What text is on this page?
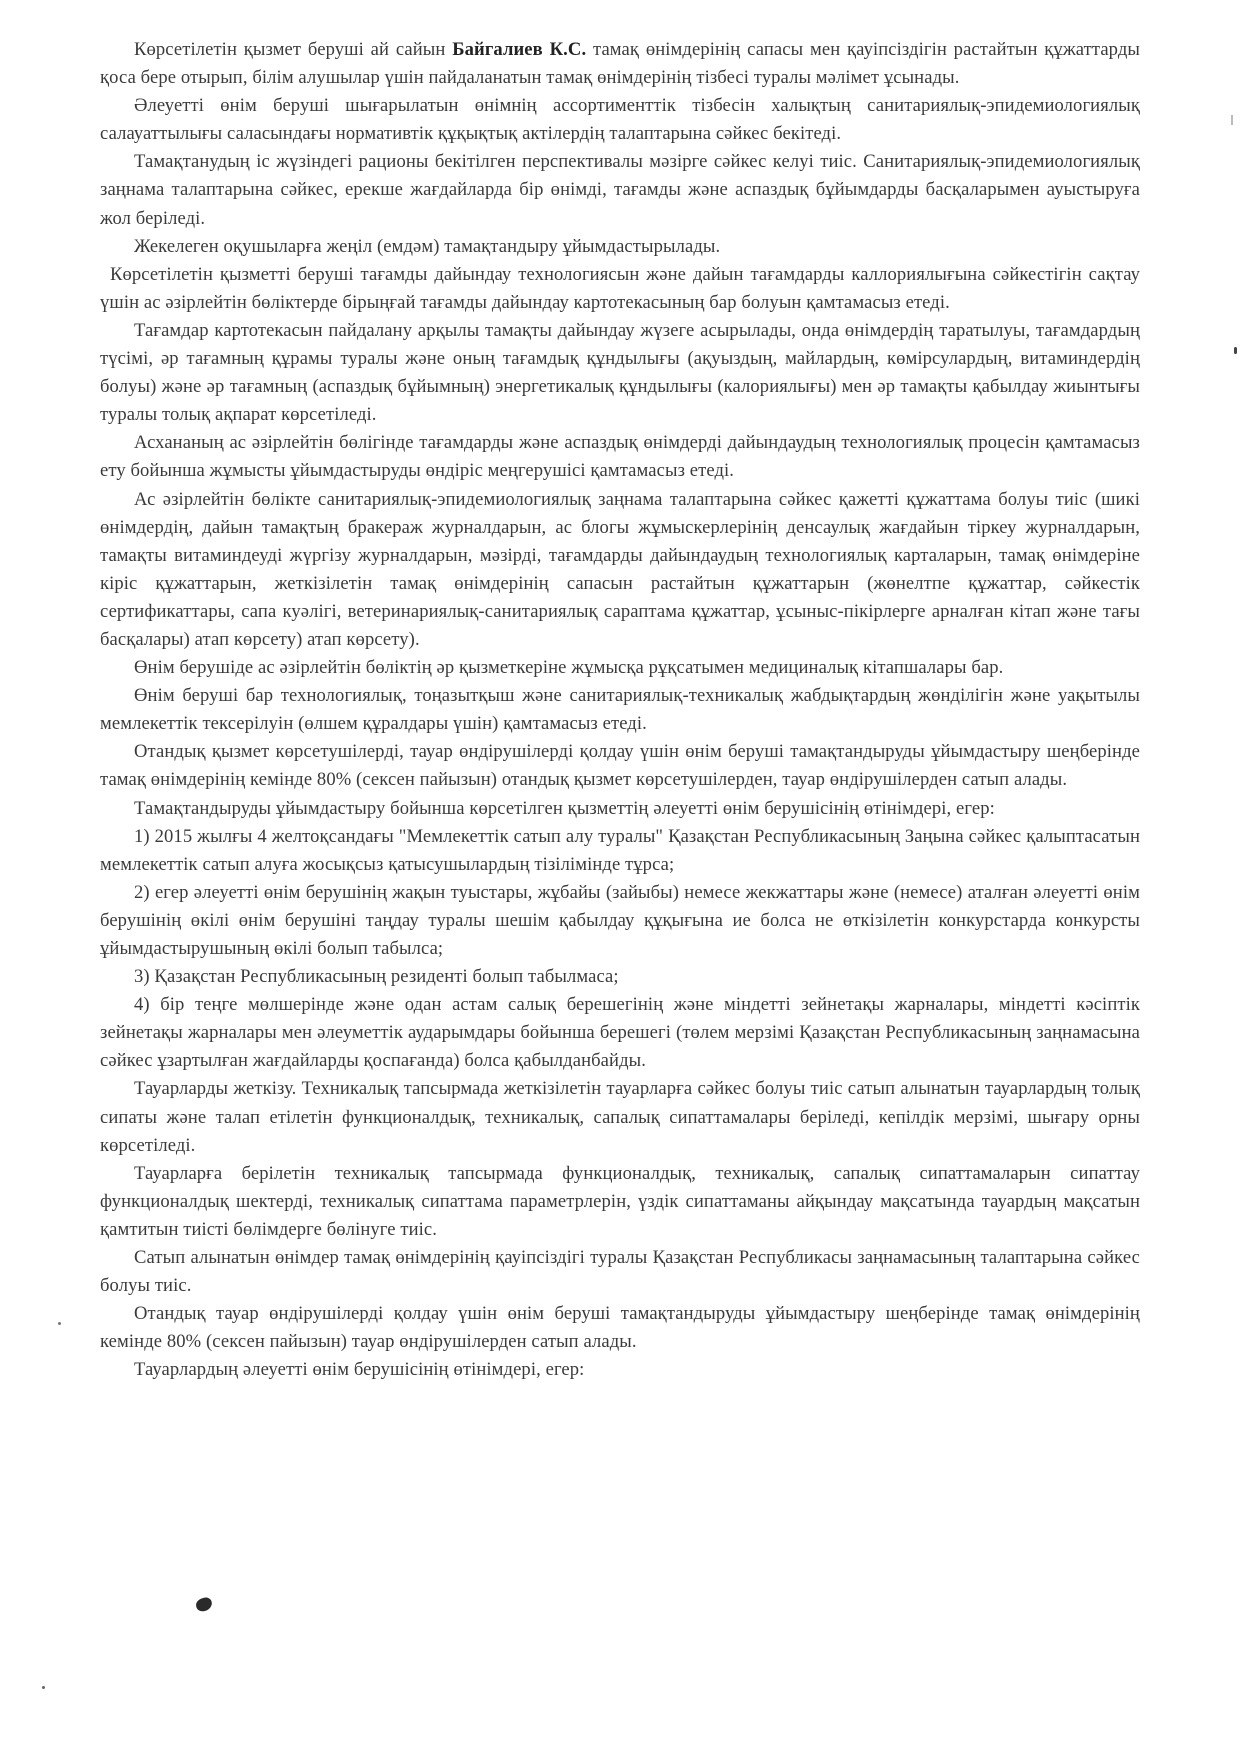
Көрсетілетін қызмет беруші ай сайын Байгалиев К.С. тамақ өнімдерінің сапасы мен қауіпсіздігін растайтын құжаттарды қоса бере отырып, білім алушылар үшін пайдаланатын тамақ өнімдерінің тізбесі туралы мәлімет ұсынады.

Әлеуетті өнім беруші шығарылатын өнімнің ассортименттік тізбесін халықтың санитариялық-эпидемиологиялық салауаттылығы саласындағы нормативтік құқықтық актілердің талаптарына сәйкес бекітеді.

Тамақтанудың іс жүзіндегі рационы бекітілген перспективалы мәзірге сәйкес келуі тиіс. Санитариялық-эпидемиологиялық заңнама талаптарына сәйкес, ерекше жағдайларда бір өнімді, тағамды және аспаздық бұйымдарды басқаларымен ауыстыруға жол беріледі.

Жекелеген оқушыларға жеңіл (емдәм) тамақтандыру ұйымдастырылады.

Көрсетілетін қызметті беруші тағамды дайындау технологиясын және дайын тағамдарды каллориялығына сәйкестігін сақтау үшін ас әзірлейтін бөліктерде бірыңғай тағамды дайындау картотекасының бар болуын қамтамасыз етеді.

Тағамдар картотекасын пайдалану арқылы тамақты дайындау жүзеге асырылады, онда өнімдердің таратылуы, тағамдардың түсімі, әр тағамның құрамы туралы және оның тағамдық құндылығы (ақуыздың, майлардың, көмірсулардың, витаминдердің болуы) және әр тағамның (аспаздық бұйымның) энергетикалық құндылығы (калориялығы) мен әр тамақты қабылдау жиынтығы туралы толық ақпарат көрсетіледі.

Асхананың ас әзірлейтін бөлігінде тағамдарды және аспаздық өнімдерді дайындаудың технологиялық процесін қамтамасыз ету бойынша жұмысты ұйымдастыруды өндіріс меңгерушісі қамтамасыз етеді.

Ас әзірлейтін бөлікте санитариялық-эпидемиологиялық заңнама талаптарына сәйкес қажетті құжаттама болуы тиіс (шикі өнімдердің, дайын тамақтың бракераж журналдарын, ас блогы жұмыскерлерінің денсаулық жағдайын тіркеу журналдарын, тамақты витаминдеуді жүргізу журналдарын, мәзірді, тағамдарды дайындаудың технологиялық карталарын, тамақ өнімдеріне кіріс құжаттарын, жеткізілетін тамақ өнімдерінің сапасын растайтын құжаттарын (жөнелтпе құжаттар, сәйкестік сертификаттары, сапа куәлігі, ветеринариялық-санитариялық сараптама құжаттар, ұсыныс-пікірлерге арналған кітап және тағы басқалары) атап көрсету) атап көрсету).

Өнім берушіде ас әзірлейтін бөліктің әр қызметкеріне жұмысқа рұқсатымен медициналық кітапшалары бар.

Өнім беруші бар технологиялық, тоңазытқыш және санитариялық-техникалық жабдықтардың жөнділігін және уақытылы мемлекеттік тексерілуін (өлшем құралдары үшін) қамтамасыз етеді.

Отандық қызмет көрсетушілерді, тауар өндірушілерді қолдау үшін өнім беруші тамақтандыруды ұйымдастыру шеңберінде тамақ өнімдерінің кемінде 80% (сексен пайызын) отандық қызмет көрсетушілерден, тауар өндірушілерден сатып алады.

Тамақтандыруды ұйымдастыру бойынша көрсетілген қызметтің әлеуетті өнім берушісінің өтінімдері, егер:

1) 2015 жылғы 4 желтоқсандағы "Мемлекеттік сатып алу туралы" Қазақстан Республикасының Заңына сәйкес қалыптасатын мемлекеттік сатып алуға жосықсыз қатысушылардың тізілімінде тұрса;

2) егер әлеуетті өнім берушінің жақын туыстары, жұбайы (зайыбы) немесе жекжаттары және (немесе) аталған әлеуетті өнім берушінің өкілі өнім берушіні таңдау туралы шешім қабылдау құқығына ие болса не өткізілетін конкурстарда конкурсты ұйымдастырушының өкілі болып табылса;

3) Қазақстан Республикасының резиденті болып табылмаса;

4) бір теңге мөлшерінде және одан астам салық берешегінің және міндетті зейнетақы жарналары, міндетті кәсіптік зейнетақы жарналары мен әлеуметтік аударымдары бойынша берешегі (төлем мерзімі Қазақстан Республикасының заңнамасына сәйкес ұзартылған жағдайларды қоспағанда) болса қабылданбайды.

Тауарларды жеткізу. Техникалық тапсырмада жеткізілетін тауарларға сәйкес болуы тиіс сатып алынатын тауарлардың толық сипаты және талап етілетін функционалдық, техникалық, сапалық сипаттамалары беріледі, кепілдік мерзімі, шығару орны көрсетіледі.

Тауарларға берілетін техникалық тапсырмада функционалдық, техникалық, сапалық сипаттамаларын сипаттау функционалдық шектерді, техникалық сипаттама параметрлерін, үздік сипаттаманы айқындау мақсатында тауардың мақсатын қамтитын тиісті бөлімдерге бөлінуге тиіс.

Сатып алынатын өнімдер тамақ өнімдерінің қауіпсіздігі туралы Қазақстан Республикасы заңнамасының талаптарына сәйкес болуы тиіс.

Отандық тауар өндірушілерді қолдау үшін өнім беруші тамақтандыруды ұйымдастыру шеңберінде тамақ өнімдерінің кемінде 80% (сексен пайызын) тауар өндірушілерден сатып алады.

Тауарлардың әлеуетті өнім берушісінің өтінімдері, егер:
